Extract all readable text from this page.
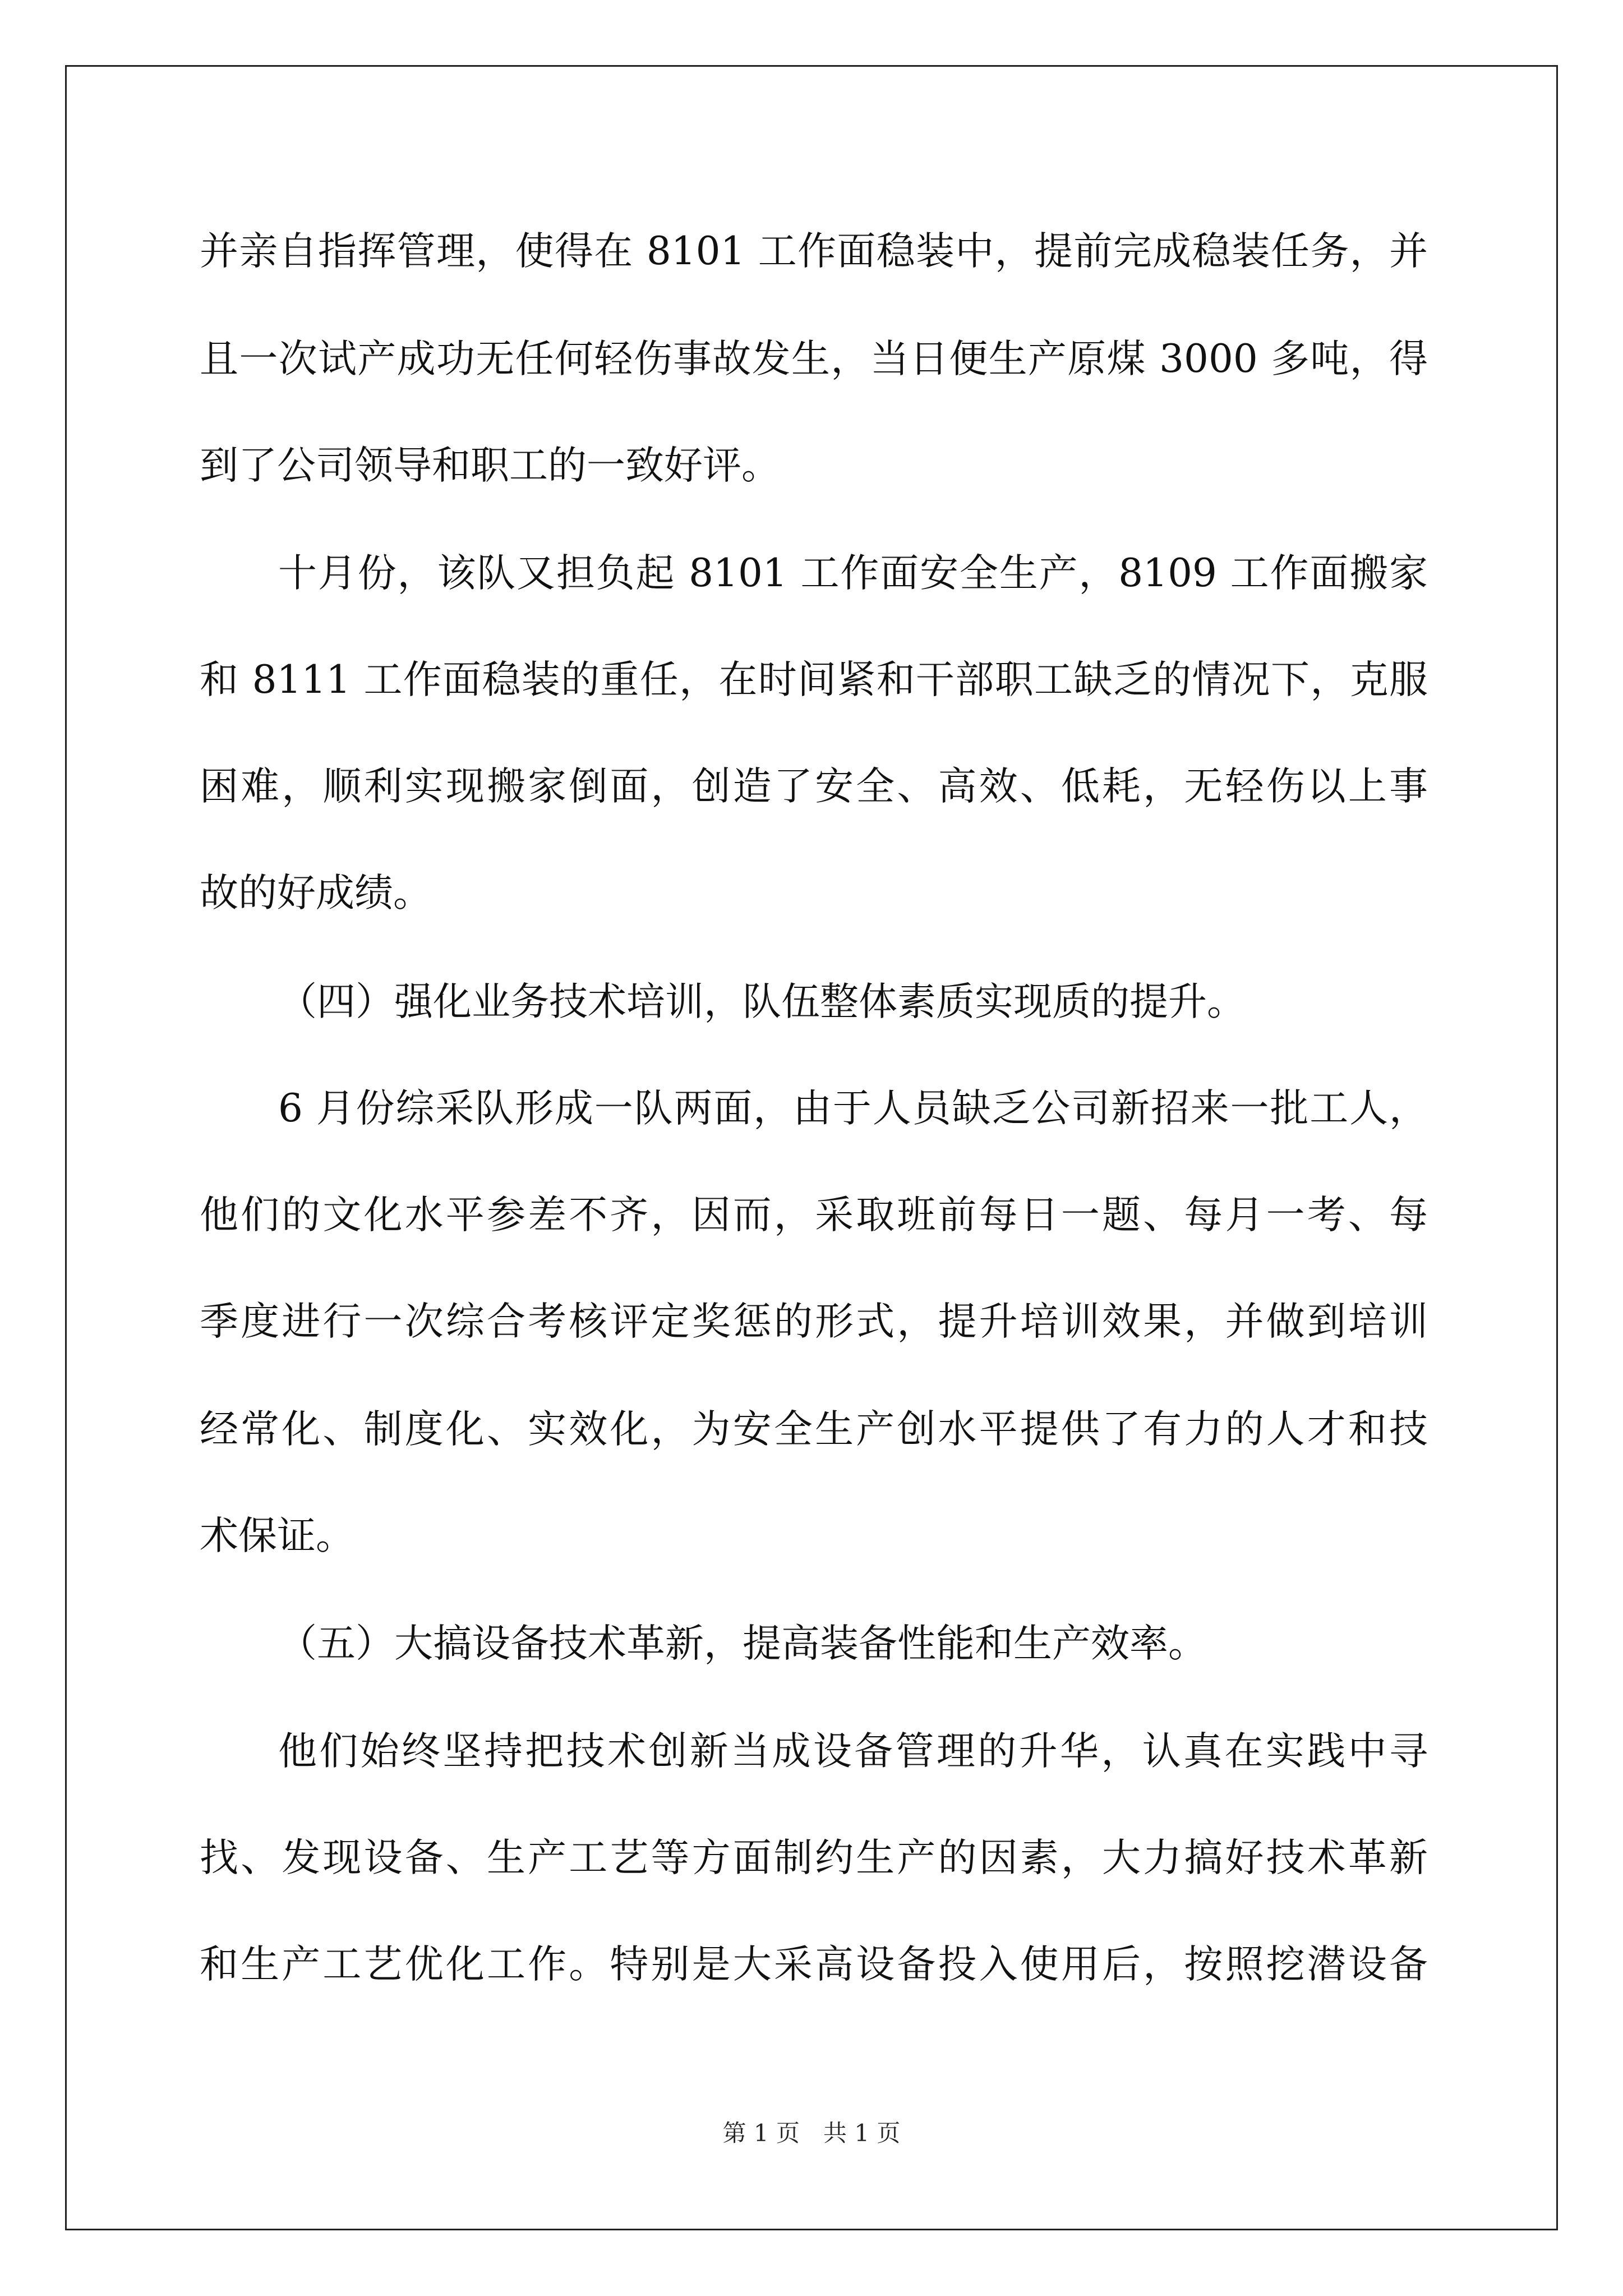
并亲自指挥管理，使得在 8101 工作面稳装中，提前完成稳装任务，并
且一次试产成功无任何轻伤事故发生，当日便生产原煤 3000 多吨，得
到了公司领导和职工的一致好评。
十月份，该队又担负起 8101 工作面安全生产，8109 工作面搬家
和 8111 工作面稳装的重任，在时间紧和干部职工缺乏的情况下，克服
困难，顺利实现搬家倒面，创造了安全、高效、低耗，无轻伤以上事
故的好成绩。
（四）强化业务技术培训，队伍整体素质实现质的提升。
6 月份综采队形成一队两面，由于人员缺乏公司新招来一批工人，
他们的文化水平参差不齐，因而，采取班前每日一题、每月一考、每
季度进行一次综合考核评定奖惩的形式，提升培训效果，并做到培训
经常化、制度化、实效化，为安全生产创水平提供了有力的人才和技
术保证。
（五）大搞设备技术革新，提高装备性能和生产效率。
他们始终坚持把技术创新当成设备管理的升华，认真在实践中寻
找、发现设备、生产工艺等方面制约生产的因素，大力搞好技术革新
和生产工艺优化工作。特别是大采高设备投入使用后，按照挖潜设备
第 1 页　共 1 页
